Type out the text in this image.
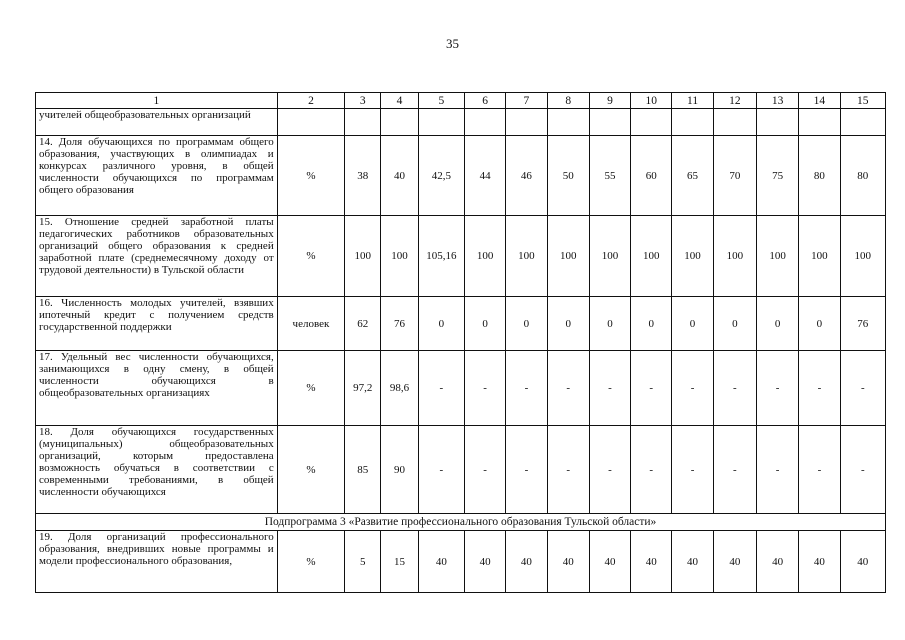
35
1	2	3	4	5	6	7	8	9	10	11	12	13	14	15
учителей общеобразовательных организаций														
14. Доля обучающихся по программам общего образования, участвующих в олимпиадах и конкурсах различного уровня, в общей численности обучающихся по программам общего образования	%	38	40	42,5	44	46	50	55	60	65	70	75	80	80
15. Отношение средней заработной платы педагогических работников образовательных организаций общего образования к средней заработной плате (среднемесячному доходу от трудовой деятельности) в Тульской области	%	100	100	105,16	100	100	100	100	100	100	100	100	100	100
16. Численность молодых учителей, взявших ипотечный кредит с получением средств государственной поддержки	человек	62	76	0	0	0	0	0	0	0	0	0	0	76
17. Удельный вес численности обучающихся, занимающихся в одну смену, в общей численности обучающихся в общеобразовательных организациях	%	97,2	98,6	-	-	-	-	-	-	-	-	-	-	-
18. Доля обучающихся государственных (муниципальных) общеобразовательных организаций, которым предоставлена возможность обучаться в соответствии с современными требованиями, в общей численности обучающихся	%	85	90	-	-	-	-	-	-	-	-	-	-	-
Подпрограмма 3 «Развитие профессионального образования Тульской области»														
19. Доля организаций профессионального образования, внедривших новые программы и модели профессионального образования,	%	5	15	40	40	40	40	40	40	40	40	40	40	40
